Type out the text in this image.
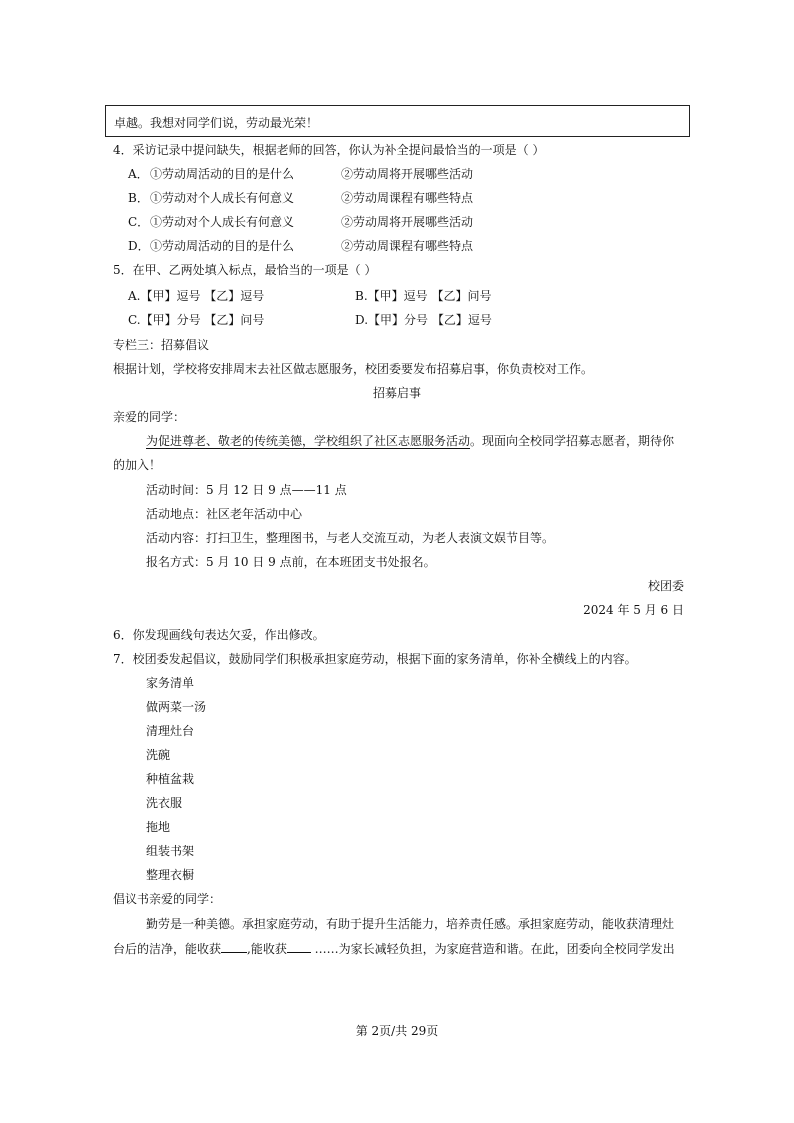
卓越。我想对同学们说，劳动最光荣！
4．采访记录中提问缺失，根据老师的回答，你认为补全提问最恰当的一项是（ ）
A． ①劳动周活动的目的是什么	②劳动周将开展哪些活动
B． ①劳动对个人成长有何意义	②劳动周课程有哪些特点
C． ①劳动对个人成长有何意义	②劳动周将开展哪些活动
D． ①劳动周活动的目的是什么	②劳动周课程有哪些特点
5．在甲、乙两处填入标点，最恰当的一项是（ ）
A.【甲】逗号 【乙】逗号	B.【甲】逗号 【乙】问号
C.【甲】分号 【乙】问号	D.【甲】分号 【乙】逗号
专栏三：招募倡议
根据计划，学校将安排周末去社区做志愿服务，校团委要发布招募启事，你负责校对工作。
招募启事
亲爱的同学：
为促进尊老、敬老的传统美德，学校组织了社区志愿服务活动。现面向全校同学招募志愿者，期待你
的加入！
活动时间：5 月 12 日 9 点——11 点
活动地点：社区老年活动中心
活动内容：打扫卫生，整理图书，与老人交流互动，为老人表演文娱节目等。
报名方式：5 月 10 日 9 点前，在本班团支书处报名。
校团委
2024 年 5 月 6 日
6．你发现画线句表达欠妥，作出修改。
7．校团委发起倡议，鼓励同学们积极承担家庭劳动，根据下面的家务清单，你补全横线上的内容。
家务清单
做两菜一汤
清理灶台
洗碗
种植盆栽
洗衣服
拖地
组装书架
整理衣橱
倡议书亲爱的同学：
勤劳是一种美德。承担家庭劳动，有助于提升生活能力，培养责任感。承担家庭劳动，能收获清理灶
台后的洁净，能收获 ,能收获 ……为家长减轻负担，为家庭营造和谐。在此，团委向全校同学发出
第 2页/共 29页
